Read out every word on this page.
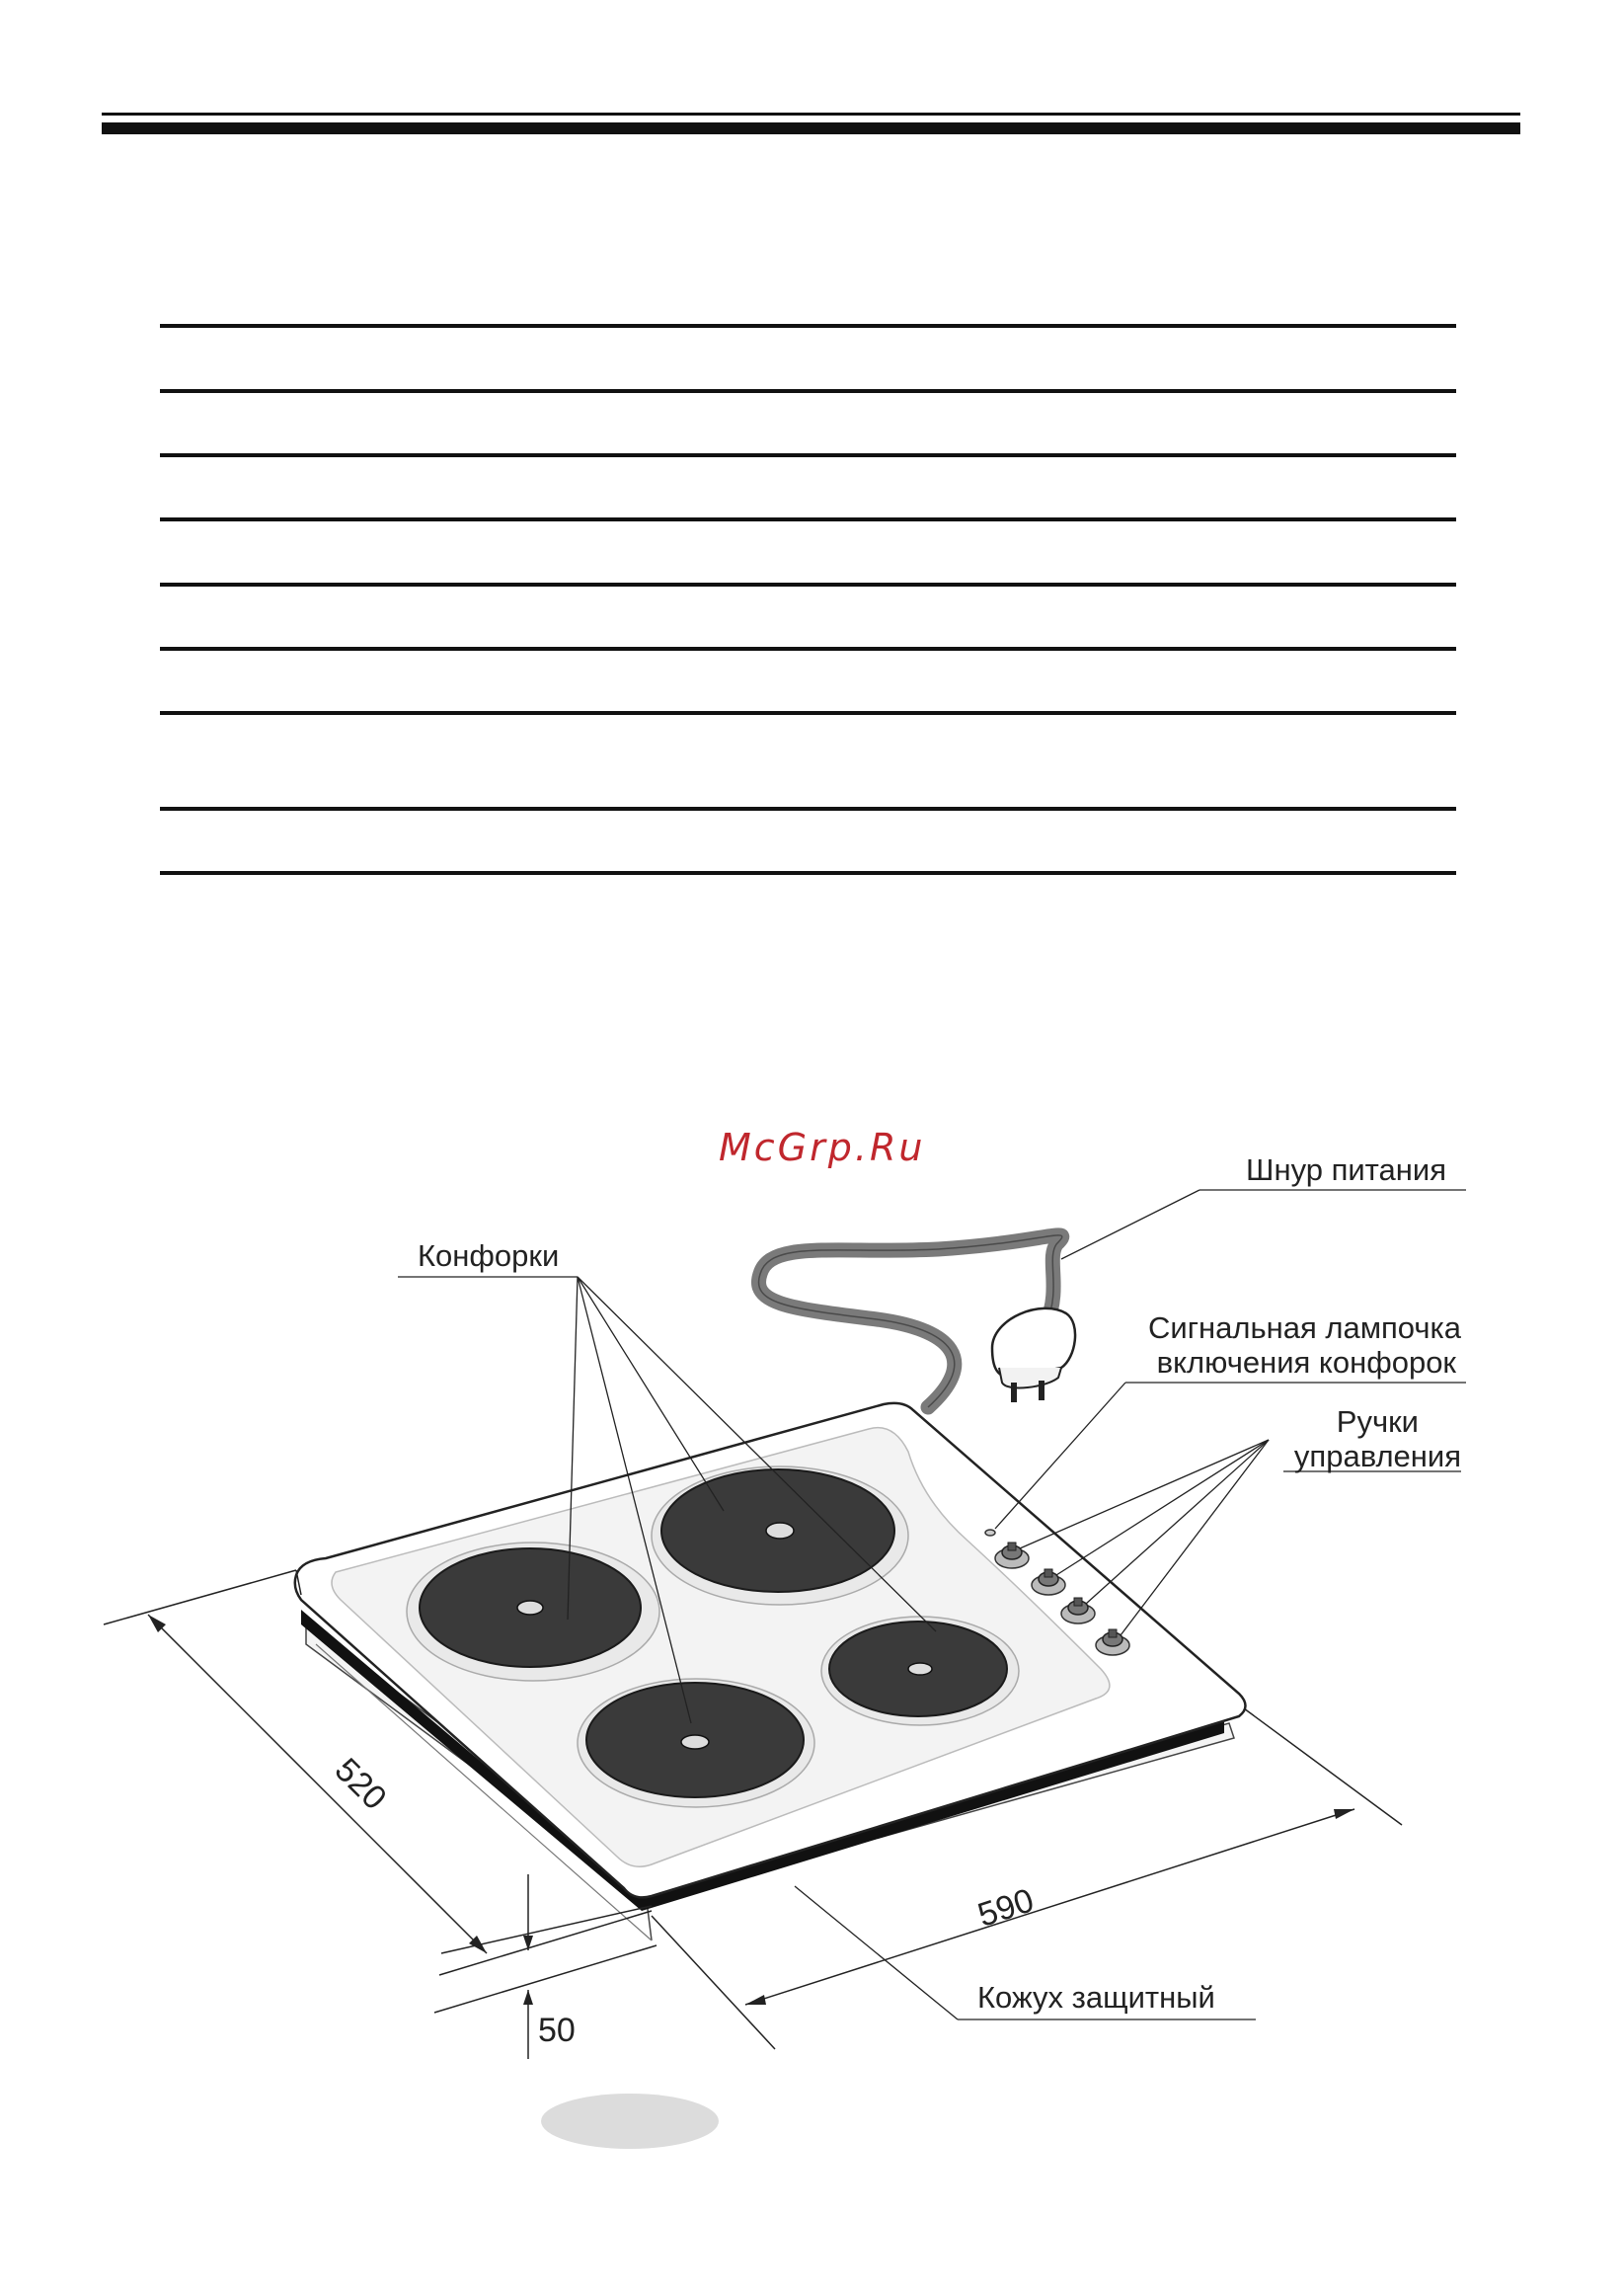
McGrp.Ru
Шнур питания
Конфорки
Сигнальная лампочка
включения конфорок
Ручки
управления
Кожух защитный
520
590
50
